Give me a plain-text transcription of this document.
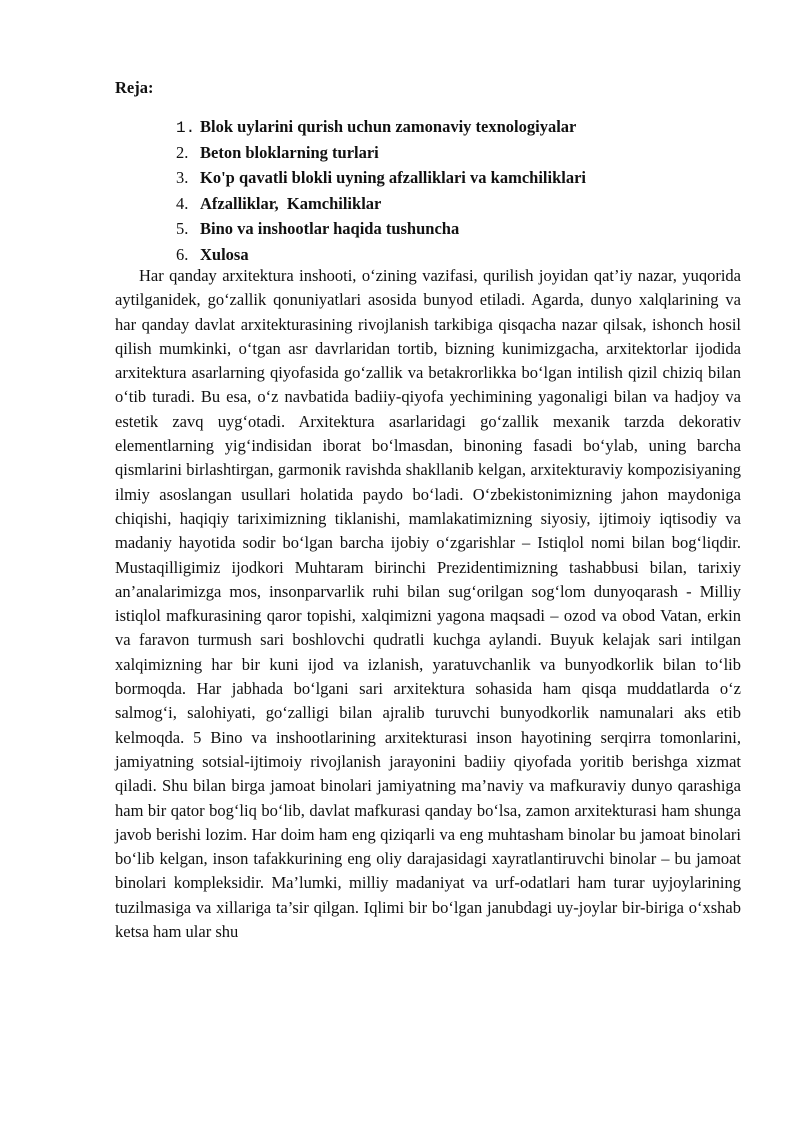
Reja:
1. Blok uylarini qurish uchun zamonaviy texnologiyalar
2. Beton bloklarning turlari
3. Ko'p qavatli blokli uyning afzalliklari va kamchiliklari
4. Afzalliklar,  Kamchiliklar
5. Bino va inshootlar haqida tushuncha
6. Xulosa

Har qanday arxitektura inshooti, o‘zining vazifasi, qurilish joyidan qat’iy nazar, yuqorida aytilganidek, go‘zallik qonuniyatlari asosida bunyod etiladi. Agarda, dunyo xalqlarining va har qanday davlat arxitekturasining rivojlanish tarkibiga qisqacha nazar qilsak, ishonch hosil qilish mumkinki, o‘tgan asr davrlaridan tortib, bizning kunimizgacha, arxitektorlar ijodida arxitektura asarlarning qiyofasida go‘zallik va betakrorlikka bo‘lgan intilish qizil chiziq bilan o‘tib turadi. Bu esa, o‘z navbatida badiiy-qiyofa yechimining yagonaligi bilan va hadjoy va estetik zavq uyg‘otadi. Arxitektura asarlaridagi go‘zallik mexanik tarzda dekorativ elementlarning yig‘indisidan iborat bo‘lmasdan, binoning fasadi bo‘ylab, uning barcha qismlarini birlashtirgan, garmonik ravishda shakllanib kelgan, arxitekturaviy kompozisiyaning ilmiy asoslangan usullari holatida paydo bo‘ladi. O‘zbekistonimizning jahon maydoniga chiqishi, haqiqiy tariximizning tiklanishi, mamlakatimizning siyosiy, ijtimoiy iqtisodiy va madaniy hayotida sodir bo‘lgan barcha ijobiy o‘zgarishlar – Istiqlol nomi bilan bog‘liqdir. Mustaqilligimiz ijodkori Muhtaram birinchi Prezidentimizning tashabbusi bilan, tarixiy an’analarimizga mos, insonparvarlik ruhi bilan sug‘orilgan sog‘lom dunyoqarash - Milliy istiqlol mafkurasining qaror topishi, xalqimizni yagona maqsadi – ozod va obod Vatan, erkin va faravon turmush sari boshlovchi qudratli kuchga aylandi. Buyuk kelajak sari intilgan xalqimizning har bir kuni ijod va izlanish, yaratuvchanlik va bunyodkorlik bilan to‘lib bormoqda. Har jabhada bo‘lgani sari arxitektura sohasida ham qisqa muddatlarda o‘z salmog‘i, salohiyati, go‘zalligi bilan ajralib turuvchi bunyodkorlik namunalari aks etib kelmoqda. 5 Bino va inshootlarining arxitekturasi inson hayotining serqirra tomonlarini, jamiyatning sotsial-ijtimoiy rivojlanish jarayonini badiiy qiyofada yoritib berishga xizmat qiladi. Shu bilan birga jamoat binolari jamiyatning ma’naviy va mafkuraviy dunyo qarashiga ham bir qator bog‘liq bo‘lib, davlat mafkurasi qanday bo‘lsa, zamon arxitekturasi ham shunga javob berishi lozim. Har doim ham eng qiziqarli va eng muhtasham binolar bu jamoat binolari bo‘lib kelgan, inson tafakkurining eng oliy darajasidagi xayratlantiruvchi binolar – bu jamoat binolari kompleksidir. Ma’lumki, milliy madaniyat va urf-odatlari ham turar uyjoylarining tuzilmasiga va xillariga ta’sir qilgan. Iqlimi bir bo‘lgan janubdagi uy-joylar bir-biriga o‘xshab ketsa ham ular shu
